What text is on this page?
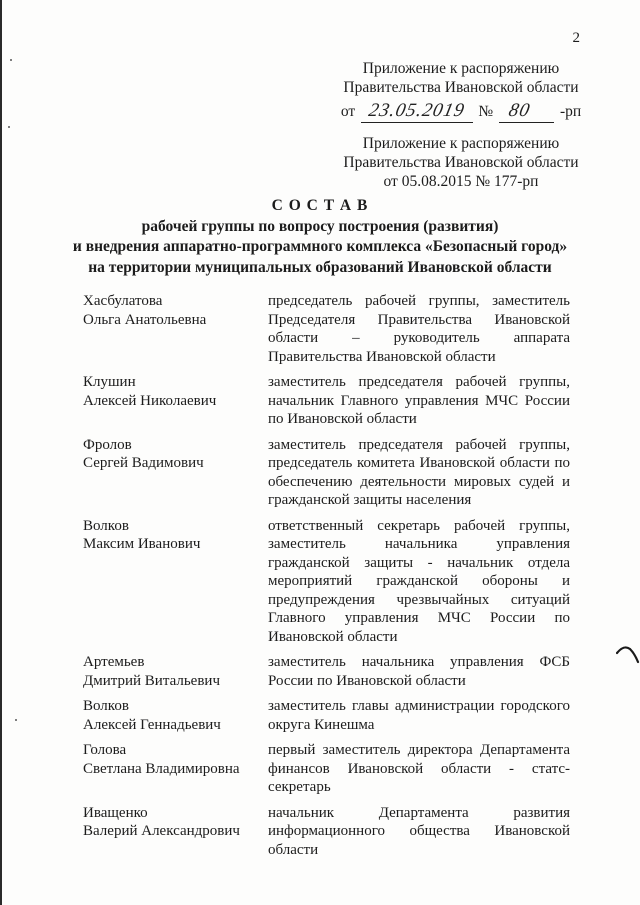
2
Приложение к распоряжению
Правительства Ивановской области
от 23.05.2019 № 80 -рп
Приложение к распоряжению
Правительства Ивановской области
от 05.08.2015 № 177-рп
С О С Т А В
рабочей группы по вопросу построения (развития)
и внедрения аппаратно-программного комплекса «Безопасный город»
на территории муниципальных образований Ивановской области
Хасбулатова
Ольга Анатольевна
председатель рабочей группы, заместитель Председателя Правительства Ивановской области – руководитель аппарата Правительства Ивановской области
Клушин
Алексей Николаевич
заместитель председателя рабочей группы, начальник Главного управления МЧС России по Ивановской области
Фролов
Сергей Вадимович
заместитель председателя рабочей группы, председатель комитета Ивановской области по обеспечению деятельности мировых судей и гражданской защиты населения
Волков
Максим Иванович
ответственный секретарь рабочей группы, заместитель начальника управления гражданской защиты - начальник отдела мероприятий гражданской обороны и предупреждения чрезвычайных ситуаций Главного управления МЧС России по Ивановской области
Артемьев
Дмитрий Витальевич
заместитель начальника управления ФСБ России по Ивановской области
Волков
Алексей Геннадьевич
заместитель главы администрации городского округа Кинешма
Голова
Светлана Владимировна
первый заместитель директора Департамента финансов Ивановской области - статс-секретарь
Иващенко
Валерий Александрович
начальник Департамента развития информационного общества Ивановской области
